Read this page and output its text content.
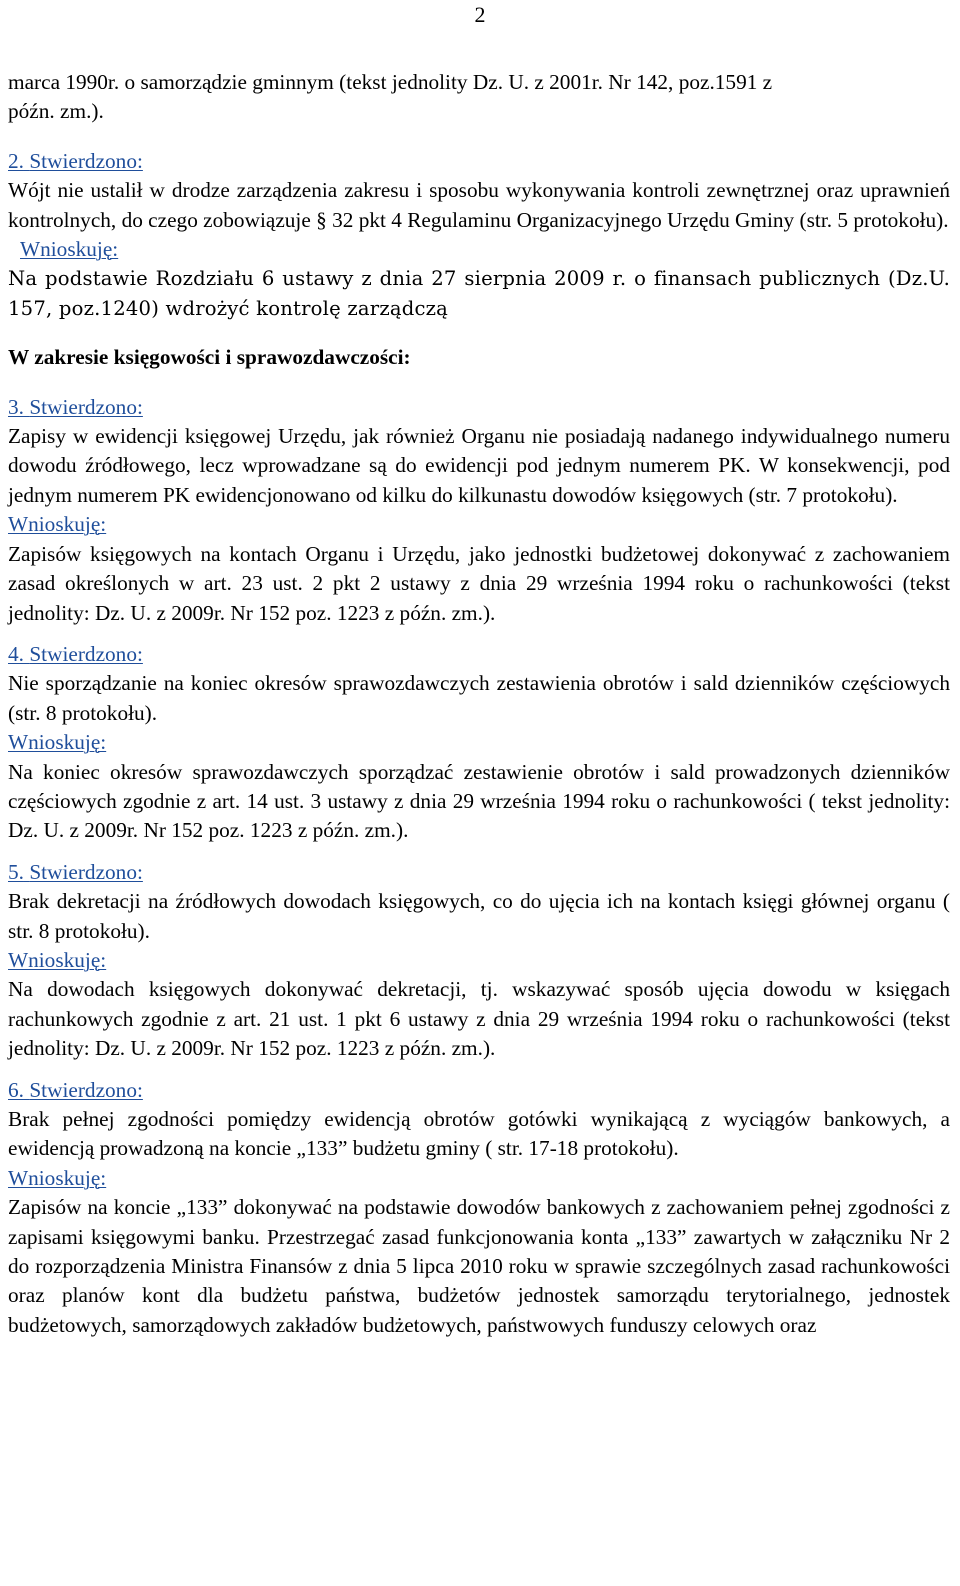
2

marca 1990r. o samorządzie gminnym (tekst jednolity Dz. U. z 2001r. Nr 142, poz.1591 z
późn. zm.).

2. Stwierdzono:

Wójt nie ustalił w drodze zarządzenia zakresu i sposobu wykonywania kontroli zewnętrznej oraz uprawnień kontrolnych, do czego zobowiązuje § 32 pkt 4 Regulaminu Organizacyjnego Urzędu Gminy (str. 5 protokołu).

Wnioskuję:

Na podstawie Rozdziału 6 ustawy z dnia 27 sierpnia 2009 r. o finansach publicznych (Dz.U. 157, poz.1240) wdrożyć kontrolę zarządczą

W zakresie księgowości i sprawozdawczości:
3. Stwierdzono:

Zapisy w ewidencji księgowej Urzędu, jak również Organu nie posiadają nadanego indywidualnego numeru dowodu źródłowego, lecz wprowadzane są do ewidencji pod jednym numerem PK. W konsekwencji, pod jednym numerem PK ewidencjonowano od kilku do kilkunastu dowodów księgowych (str. 7 protokołu).

Wnioskuję:

Zapisów księgowych na kontach Organu i Urzędu, jako jednostki budżetowej dokonywać z zachowaniem zasad określonych w art. 23 ust. 2 pkt 2 ustawy z dnia 29 września 1994 roku o rachunkowości (tekst jednolity: Dz. U. z 2009r. Nr 152 poz. 1223 z późn. zm.).

4. Stwierdzono:

Nie sporządzanie na koniec okresów sprawozdawczych zestawienia obrotów i sald dzienników częściowych (str. 8 protokołu).

Wnioskuję:

Na koniec okresów sprawozdawczych sporządzać zestawienie obrotów i sald prowadzonych dzienników częściowych zgodnie z art. 14 ust. 3 ustawy z dnia 29 września 1994 roku o rachunkowości ( tekst jednolity: Dz. U. z 2009r. Nr 152 poz. 1223 z późn. zm.).

5. Stwierdzono:

Brak dekretacji na źródłowych dowodach księgowych, co do ujęcia ich na kontach księgi głównej organu ( str. 8 protokołu).

Wnioskuję:

Na dowodach księgowych dokonywać dekretacji, tj. wskazywać sposób ujęcia dowodu w księgach rachunkowych zgodnie z art. 21 ust. 1 pkt 6 ustawy z dnia 29 września 1994 roku o rachunkowości (tekst jednolity: Dz. U. z 2009r. Nr 152 poz. 1223 z późn. zm.).

6. Stwierdzono:

Brak pełnej zgodności pomiędzy ewidencją obrotów gotówki wynikającą z wyciągów bankowych, a ewidencją prowadzoną na koncie „133” budżetu gminy ( str. 17-18 protokołu).

Wnioskuję:

Zapisów na koncie „133” dokonywać na podstawie dowodów bankowych z zachowaniem pełnej zgodności z zapisami księgowymi banku. Przestrzegać zasad funkcjonowania konta „133” zawartych w załączniku Nr 2 do rozporządzenia Ministra Finansów z dnia 5 lipca 2010 roku w sprawie szczególnych zasad rachunkowości oraz planów kont dla budżetu państwa, budżetów jednostek samorządu terytorialnego, jednostek budżetowych, samorządowych zakładów budżetowych, państwowych funduszy celowych oraz
